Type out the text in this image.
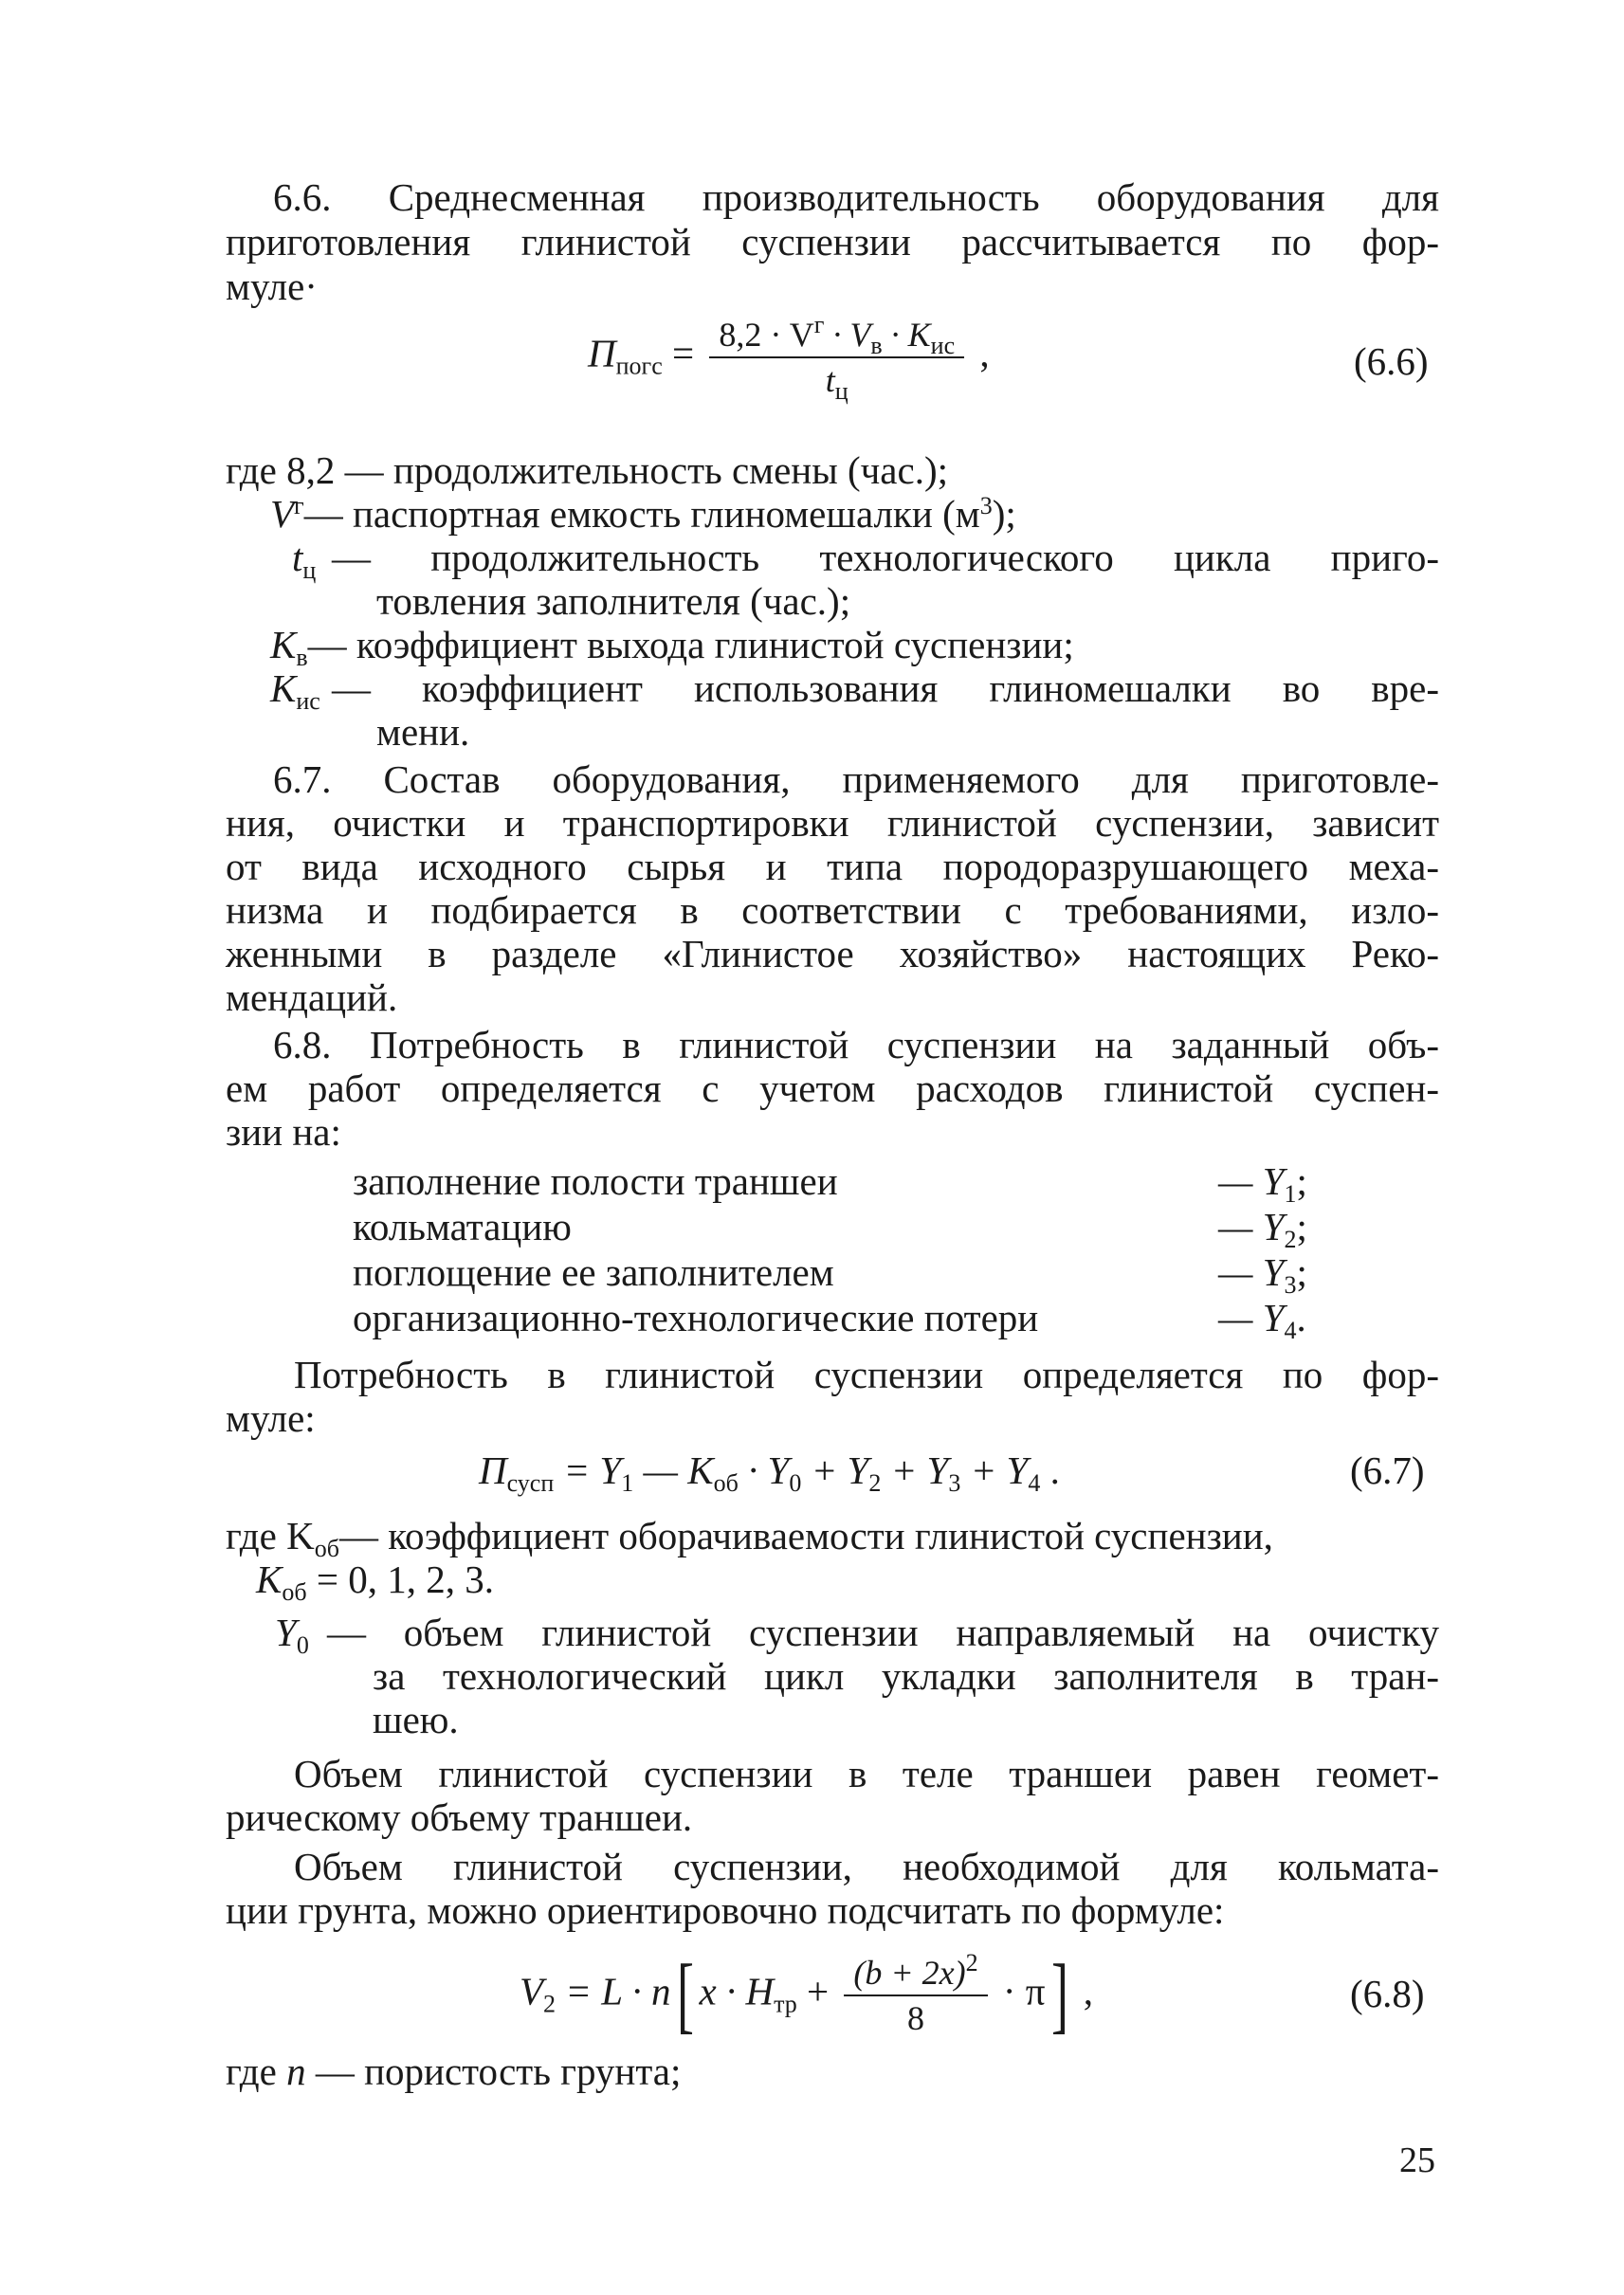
6.6. Среднесменная производительность оборудования для
приготовления глинистой суспензии рассчитывается по фор-
муле·
$П_{погс} = \frac{8,2 \cdot V^г \cdot V_в \cdot K_{ис}}{t_ц}$ ,	(6.6)
где 8,2 — продолжительность смены (час.);
$V^г—$ паспортная емкость глиномешалки $(м^3)$;
$t_ц$ — продолжительность технологического цикла приго-
товления заполнителя (час.);
$K_в—$ коэффициент выхода глинистой суспензии;
$K_{ис}$ — коэффициент использования глиномешалки во вре-
мени.
6.7. Состав оборудования, применяемого для приготовле-
ния, очистки и транспортировки глинистой суспензии, зависит
от вида исходного сырья и типа породоразрушающего меха-
низма и подбирается в соответствии с требованиями, изло-
женными в разделе «Глинистое хозяйство» настоящих Реко-
мендаций.
6.8. Потребность в глинистой суспензии на заданный объ-
ем работ определяется с учетом расходов глинистой суспен-
зии на:
заполнение полости траншеи	— $Y_1$;
кольматацию	— $Y_2$;
поглощение ее заполнителем	— $Y_3$;
организационно-технологические потери	— $Y_4$.
Потребность в глинистой суспензии определяется по фор-
муле:
$П_{сусп} = Y_1$ — $K_{об} \cdot Y_0 + Y_2 + Y_3 + Y_4$ .	(6.7)
где $K_{об}—$ коэффициент оборачиваемости глинистой суспензии,
$K_{об} = 0$, 1, 2, 3.
$Y_0$ — объем глинистой суспензии направляемый на очистку
за технологический цикл укладки заполнителя в тран-
шею.
Объем глинистой суспензии в теле траншеи равен геомет-
рическому объему траншеи.
Объем глинистой суспензии, необходимой для кольмата-
ции грунта, можно ориентировочно подсчитать по формуле:
$V_2 = L \cdot n$[ $x \cdot H_{тр} + \frac{(b + 2x)^2}{8} \cdot \pi$] ,	(6.8)
где n — пористость грунта;
25
